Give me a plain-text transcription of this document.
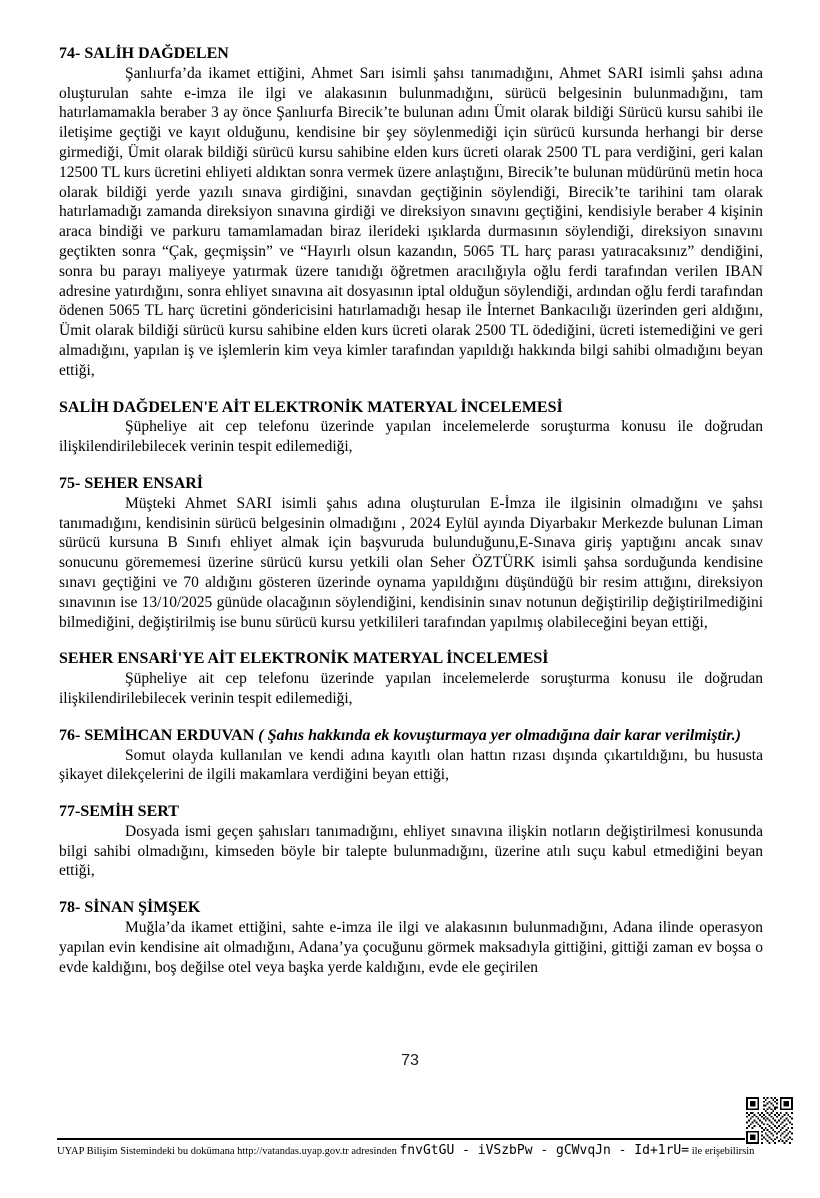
74- SALİH DAĞDELEN

Şanlıurfa’da ikamet ettiğini, Ahmet Sarı isimli şahsı tanımadığını, Ahmet SARI isimli şahsı adına oluşturulan sahte e-imza ile ilgi ve alakasının bulunmadığını, sürücü belgesinin bulunmadığını, tam hatırlamamakla beraber 3 ay önce Şanlıurfa Birecik’te bulunan adını Ümit olarak bildiği Sürücü kursu sahibi ile iletişime geçtiği ve kayıt olduğunu, kendisine bir şey söylenmediği için sürücü kursunda herhangi bir derse girmediği, Ümit olarak bildiği sürücü kursu sahibine elden kurs ücreti olarak 2500 TL para verdiğini, geri kalan 12500 TL kurs ücretini ehliyeti aldıktan sonra vermek üzere anlaştığını, Birecik’te bulunan müdürünü metin hoca olarak bildiği yerde yazılı sınava girdiğini, sınavdan geçtiğinin söylendiği, Birecik’te tarihini tam olarak hatırlamadığı zamanda direksiyon sınavına girdiği ve direksiyon sınavını geçtiğini, kendisiyle beraber 4 kişinin araca bindiği ve parkuru tamamlamadan biraz ilerideki ışıklarda durmasının söylendiği, direksiyon sınavını geçtikten sonra “Çak, geçmişsin” ve “Hayırlı olsun kazandın, 5065 TL harç parası yatıracaksınız” dendiğini, sonra bu parayı maliyeye yatırmak üzere tanıdığı öğretmen aracılığıyla oğlu ferdi tarafından verilen IBAN adresine yatırdığını, sonra ehliyet sınavına ait dosyasının iptal olduğun söylendiği, ardından oğlu ferdi tarafından ödenen 5065 TL harç ücretini göndericisini hatırlamadığı hesap ile İnternet Bankacılığı üzerinden geri aldığını, Ümit olarak bildiği sürücü kursu sahibine elden kurs ücreti olarak 2500 TL ödediğini, ücreti istemediğini ve geri almadığını, yapılan iş ve işlemlerin kim veya kimler tarafından yapıldığı hakkında bilgi sahibi olmadığını beyan ettiği,

SALİH DAĞDELEN'E AİT ELEKTRONİK MATERYAL İNCELEMESİ

Şüpheliye ait cep telefonu üzerinde yapılan incelemelerde soruşturma konusu ile doğrudan ilişkilendirilebilecek verinin tespit edilemediği,

75- SEHER ENSARİ

Müşteki Ahmet SARI isimli şahıs adına oluşturulan E-İmza ile ilgisinin olmadığını ve şahsı tanımadığını, kendisinin sürücü belgesinin olmadığını , 2024 Eylül ayında Diyarbakır Merkezde bulunan Liman sürücü kursuna B Sınıfı ehliyet almak için başvuruda bulunduğunu,E-Sınava giriş yaptığını ancak sınav sonucunu görememesi üzerine sürücü kursu yetkili olan Seher ÖZTÜRK isimli şahsa sorduğunda kendisine sınavı geçtiğini ve 70 aldığını gösteren üzerinde oynama yapıldığını düşündüğü bir resim attığını, direksiyon sınavının ise 13/10/2025 günüde olacağının söylendiğini, kendisinin sınav notunun değiştirilip değiştirilmediğini bilmediğini, değiştirilmiş ise bunu sürücü kursu yetkilileri tarafından yapılmış olabileceğini beyan ettiği,

SEHER ENSARİ'YE AİT ELEKTRONİK MATERYAL İNCELEMESİ

Şüpheliye ait cep telefonu üzerinde yapılan incelemelerde soruşturma konusu ile doğrudan ilişkilendirilebilecek verinin tespit edilemediği,

76- SEMİHCAN ERDUVAN ( Şahıs hakkında ek kovuşturmaya yer olmadığına dair karar verilmiştir.)

Somut olayda kullanılan ve kendi adına kayıtlı olan hattın rızası dışında çıkartıldığını, bu hususta şikayet dilekçelerini de ilgili makamlara verdiğini beyan ettiği,

77-SEMİH SERT

Dosyada ismi geçen şahısları tanımadığını, ehliyet sınavına ilişkin notların değiştirilmesi konusunda bilgi sahibi olmadığını, kimseden böyle bir talepte bulunmadığını, üzerine atılı suçu kabul etmediğini beyan ettiği,

78- SİNAN ŞİMŞEK

Muğla’da ikamet ettiğini, sahte e-imza ile ilgi ve alakasının bulunmadığını, Adana ilinde operasyon yapılan evin kendisine ait olmadığını, Adana’ya çocuğunu görmek maksadıyla gittiğini, gittiği zaman ev boşsa o evde kaldığını, boş değilse otel veya başka yerde kaldığını, evde ele geçirilen

73
UYAP Bilişim Sistemindeki bu dokümana http://vatandas.uyap.gov.tr adresinden fnvGtGU - iVSzbPw - gCWvqJn - Id+1rU= ile erişebilirsin
